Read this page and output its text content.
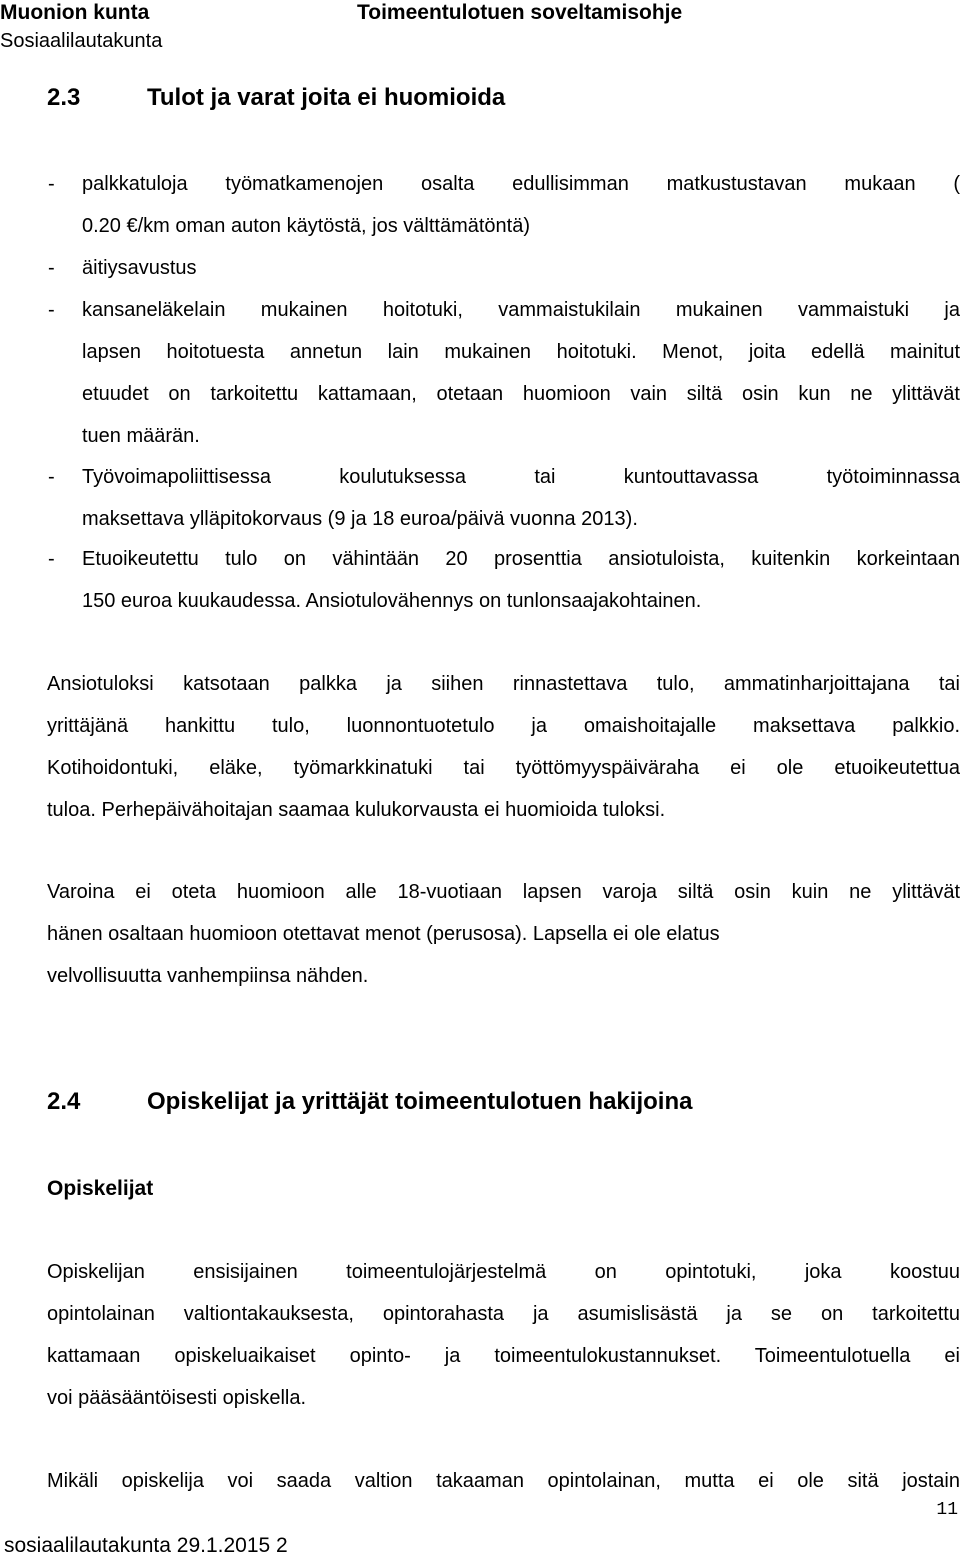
Muonion kunta
Sosiaalilautakunta
Toimeentulotuen soveltamisohje
2.3	Tulot ja varat joita ei huomioida
- palkkatuloja työmatkamenojen osalta edullisimman matkustustavan mukaan (
0.20 €/km oman auton käytöstä, jos välttämätöntä)
- äitiysavustus
- kansaneläkelain mukainen hoitotuki, vammaistukilain mukainen vammaistuki ja
lapsen hoitotuesta annetun lain mukainen hoitotuki. Menot, joita edellä mainitut
etuudet on tarkoitettu kattamaan, otetaan huomioon vain siltä osin kun ne ylittävät
tuen määrän.
- Työvoimapoliittisessa koulutuksessa tai kuntouttavassa työtoiminnassa
maksettava ylläpitokorvaus (9 ja 18 euroa/päivä vuonna 2013).
- Etuoikeutettu tulo on vähintään 20 prosenttia ansiotuloista, kuitenkin korkeintaan
150 euroa kuukaudessa. Ansiotulovähennys on tunlonsaajakohtainen.
Ansiotuloksi katsotaan palkka ja siihen rinnastettava tulo, ammatinharjoittajana tai
yrittäjänä hankittu tulo, luonnontuotetulo ja omaishoitajalle maksettava palkkio.
Kotihoidontuki, eläke, työmarkkinatuki tai työttömyyspäiväraha ei ole etuoikeutettua
tuloa. Perhepäivähoitajan saamaa kulukorvausta ei huomioida tuloksi.
Varoina ei oteta huomioon alle 18-vuotiaan lapsen varoja siltä osin kuin ne ylittävät
hänen osaltaan huomioon otettavat menot (perusosa). Lapsella ei ole elatus
velvollisuutta vanhempiinsa nähden.
2.4	Opiskelijat ja yrittäjät toimeentulotuen hakijoina
Opiskelijat
Opiskelijan ensisijainen toimeentulojärjestelmä on opintotuki, joka koostuu
opintolainan valtiontakauksesta, opintorahasta ja asumislisästä ja se on tarkoitettu
kattamaan opiskeluaikaiset opinto- ja toimeentulokustannukset. Toimeentulotuella ei
voi pääsääntöisesti opiskella.
Mikäli opiskelija voi saada valtion takaaman opintolainan, mutta ei ole sitä jostain
11
sosiaalilautakunta 29.1.2015 2
